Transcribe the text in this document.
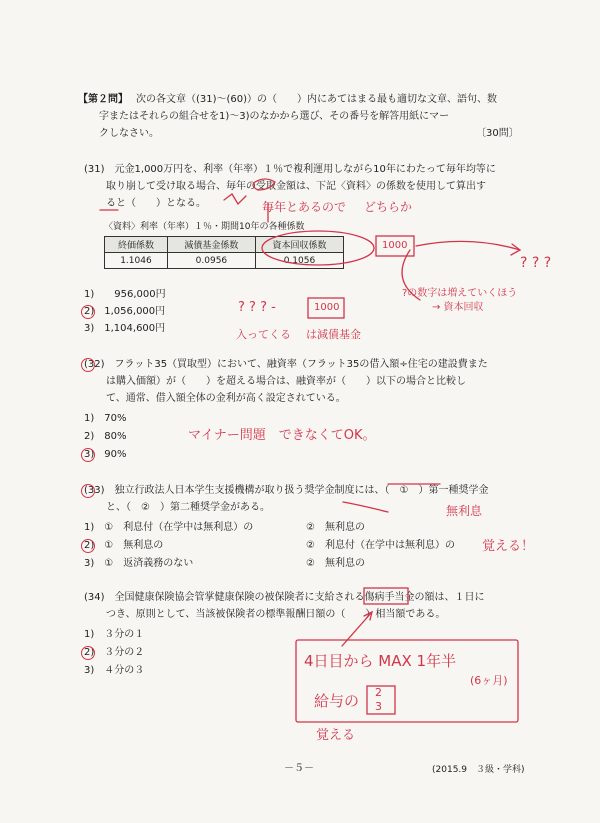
【第２問】 次の各文章（(31)〜(60)）の（　　）内にあてはまる最も適切な文章、語句、数
字またはそれらの組合せを1)〜3)のなかから選び、その番号を解答用紙にマー
クしなさい。	〔30問〕
(31)　元金1,000万円を、利率（年率）１％で複利運用しながら10年にわたって毎年均等に
取り崩して受け取る場合、毎年の受取金額は、下記〈資料〉の係数を使用して算出す
ると（　　）となる。
〈資料〉利率（年率）１％・期間10年の各種係数
終価係数	減債基金係数	資本回収係数
1.1046	0.0956	0.1056
1)　　956,000円
2)　1,056,000円
3)　1,104,600円
(32)　フラット35（買取型）において、融資率（フラット35の借入額÷住宅の建設費また
は購入価額）が（　　）を超える場合は、融資率が（　　）以下の場合と比較し
て、通常、借入額全体の金利が高く設定されている。
1)　70%
2)　80%
3)　90%
(33)　独立行政法人日本学生支援機構が取り扱う奨学金制度には、（　①　）第一種奨学金
と、（　②　）第二種奨学金がある。
1)　①　利息付（在学中は無利息）の	②　無利息の
2)　①　無利息の	②　利息付（在学中は無利息）の
3)　①　返済義務のない	②　無利息の
(34)　全国健康保険協会管掌健康保険の被保険者に支給される傷病手当金の額は、１日に
つき、原則として、当該被保険者の標準報酬日額の（　　）相当額である。
1)　３分の１
2)　３分の２
3)　４分の３
－５－	(2015.9　３級・学科)
毎年とあるので どちらか
1000
? ? ?
?の数字は増えていくほう
→ 資本回収
? ? ? -	1000
入ってくる は減債基金
マイナー問題　できなくてOK。
無利息
覚える！
4日目から MAX 1年半
(6ヶ月)
給与の 2
3
覚える
